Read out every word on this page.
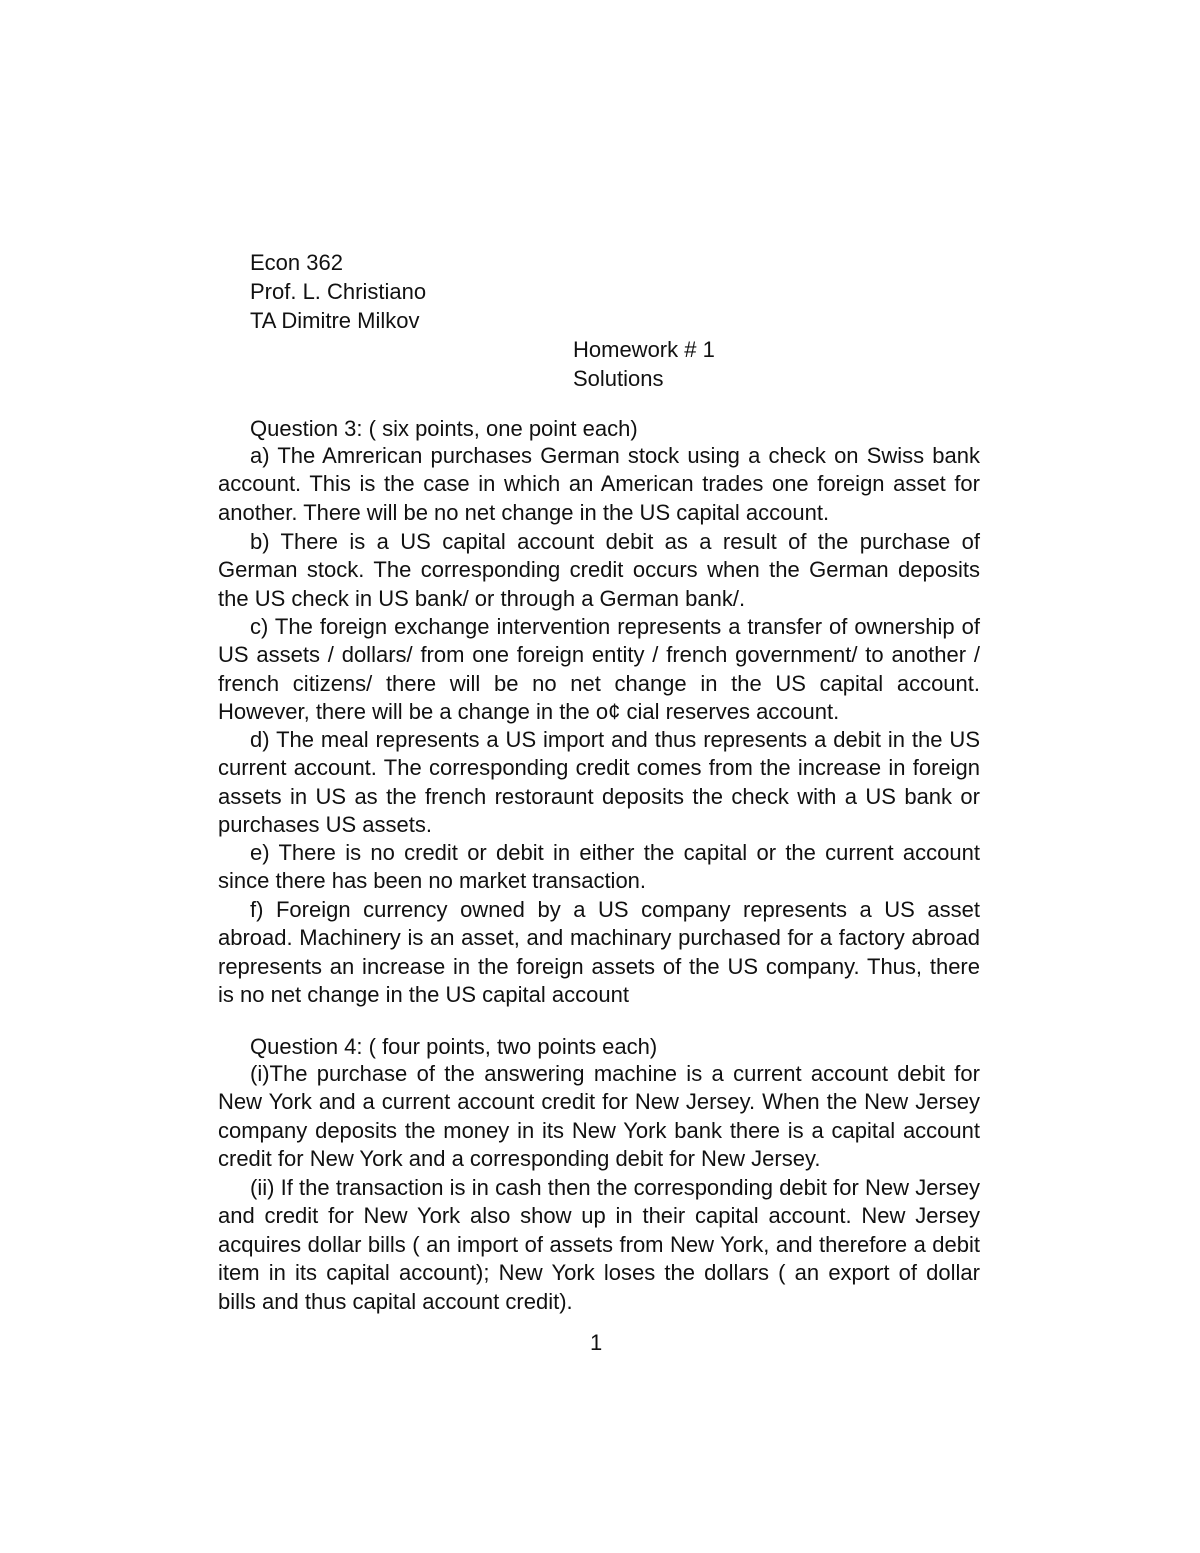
Econ 362
Prof. L. Christiano
TA Dimitre Milkov
Homework # 1
Solutions
Question 3: ( six points, one point each)

a) The Amrerican purchases German stock using a check on Swiss bank account. This is the case in which an American trades one foreign asset for another. There will be no net change in the US capital account.

b) There is a US capital account debit as a result of the purchase of German stock. The corresponding credit occurs when the German deposits the US check in US bank/ or through a German bank/.

c) The foreign exchange intervention represents a transfer of ownership of US assets / dollars/ from one foreign entity / french government/ to another / french citizens/ there will be no net change in the US capital account. However, there will be a change in the o¢ cial reserves account.

d) The meal represents a US import and thus represents a debit in the US current account. The corresponding credit comes from the increase in foreign assets in US as the french restoraunt deposits the check with a US bank or purchases US assets.

e) There is no credit or debit in either the capital or the current account since there has been no market transaction.

f) Foreign currency owned by a US company represents a US asset abroad. Machinery is an asset, and machinary purchased for a factory abroad represents an increase in the foreign assets of the US company. Thus, there is no net change in the US capital account

Question 4: ( four points, two points each)

(i)The purchase of the answering machine is a current account debit for New York and a current account credit for New Jersey. When the New Jersey company deposits the money in its New York bank there is a capital account credit for New York and a corresponding debit for New Jersey.

(ii) If the transaction is in cash then the corresponding debit for New Jersey and credit for New York also show up in their capital account. New Jersey acquires dollar bills ( an import of assets from New York, and therefore a debit item in its capital account); New York loses the dollars ( an export of dollar bills and thus capital account credit).

1
